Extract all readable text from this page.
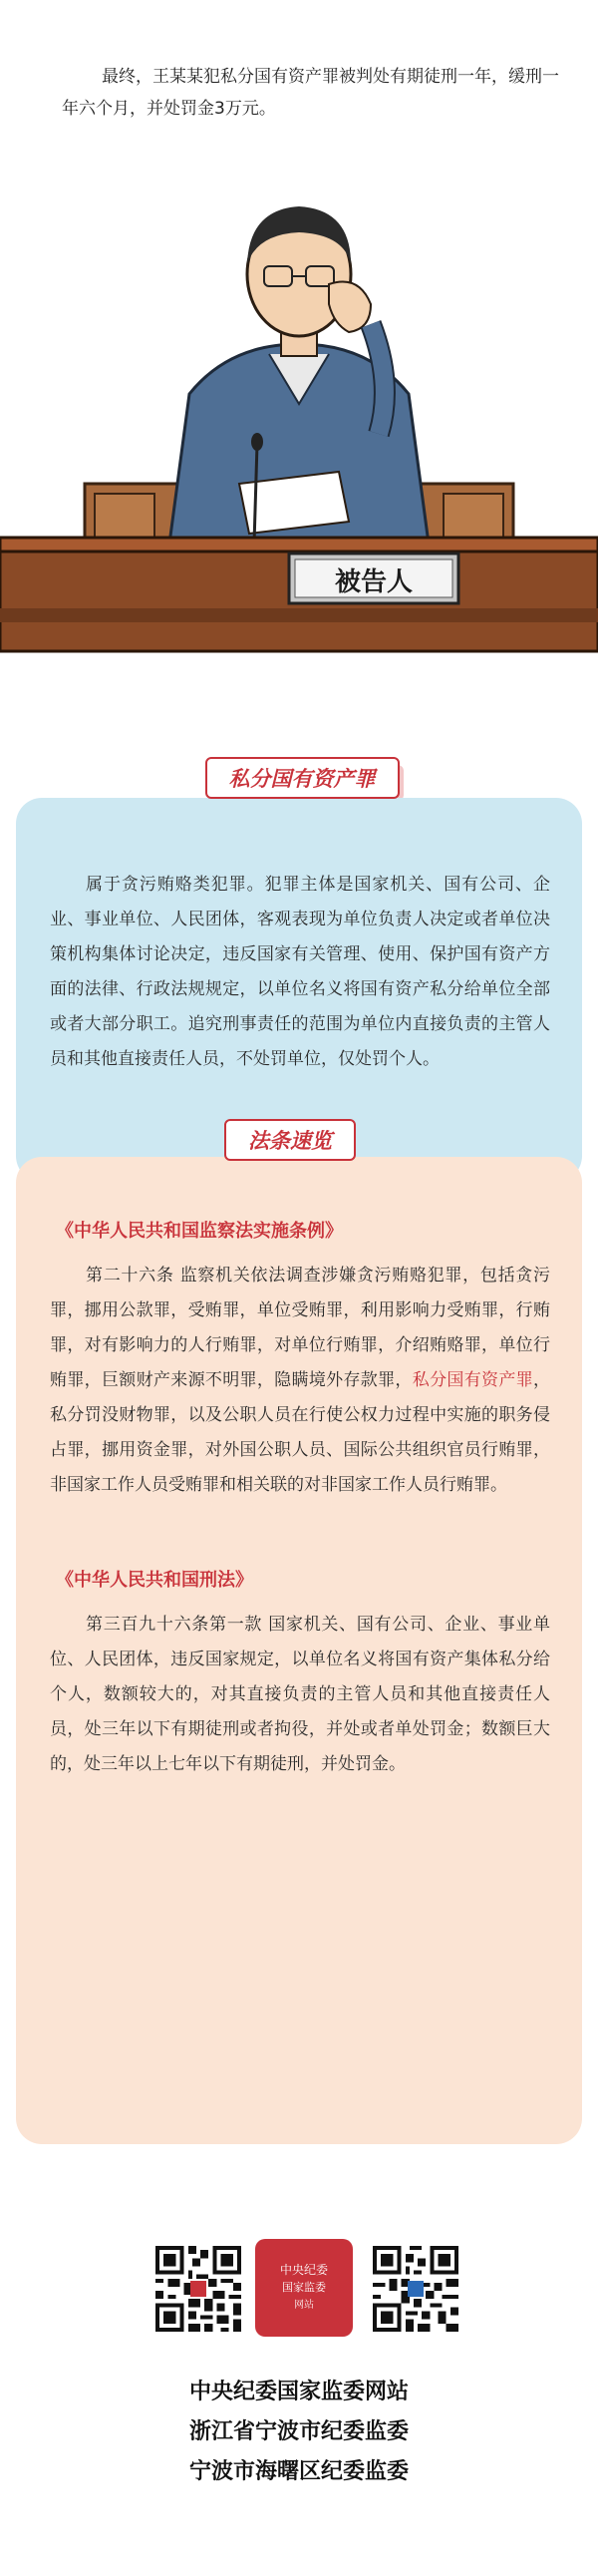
最终，王某某犯私分国有资产罪被判处有期徒刑一年，缓刑一年六个月，并处罚金3万元。

被告人
私分国有资产罪

属于贪污贿赂类犯罪。犯罪主体是国家机关、国有公司、企业、事业单位、人民团体，客观表现为单位负责人决定或者单位决策机构集体讨论决定，违反国家有关管理、使用、保护国有资产方面的法律、行政法规规定，以单位名义将国有资产私分给单位全部或者大部分职工。追究刑事责任的范围为单位内直接负责的主管人员和其他直接责任人员，不处罚单位，仅处罚个人。

法条速览
《中华人民共和国监察法实施条例》

第二十六条 监察机关依法调查涉嫌贪污贿赂犯罪，包括贪污罪，挪用公款罪，受贿罪，单位受贿罪，利用影响力受贿罪，行贿罪，对有影响力的人行贿罪，对单位行贿罪，介绍贿赂罪，单位行贿罪，巨额财产来源不明罪，隐瞒境外存款罪，私分国有资产罪，私分罚没财物罪，以及公职人员在行使公权力过程中实施的职务侵占罪，挪用资金罪，对外国公职人员、国际公共组织官员行贿罪，非国家工作人员受贿罪和相关联的对非国家工作人员行贿罪。

《中华人民共和国刑法》

第三百九十六条第一款 国家机关、国有公司、企业、事业单位、人民团体，违反国家规定，以单位名义将国有资产集体私分给个人，数额较大的，对其直接负责的主管人员和其他直接责任人员，处三年以下有期徒刑或者拘役，并处或者单处罚金；数额巨大的，处三年以上七年以下有期徒刑，并处罚金。

中央纪委
国家监委
网站
中央纪委国家监委网站
浙江省宁波市纪委监委
宁波市海曙区纪委监委
